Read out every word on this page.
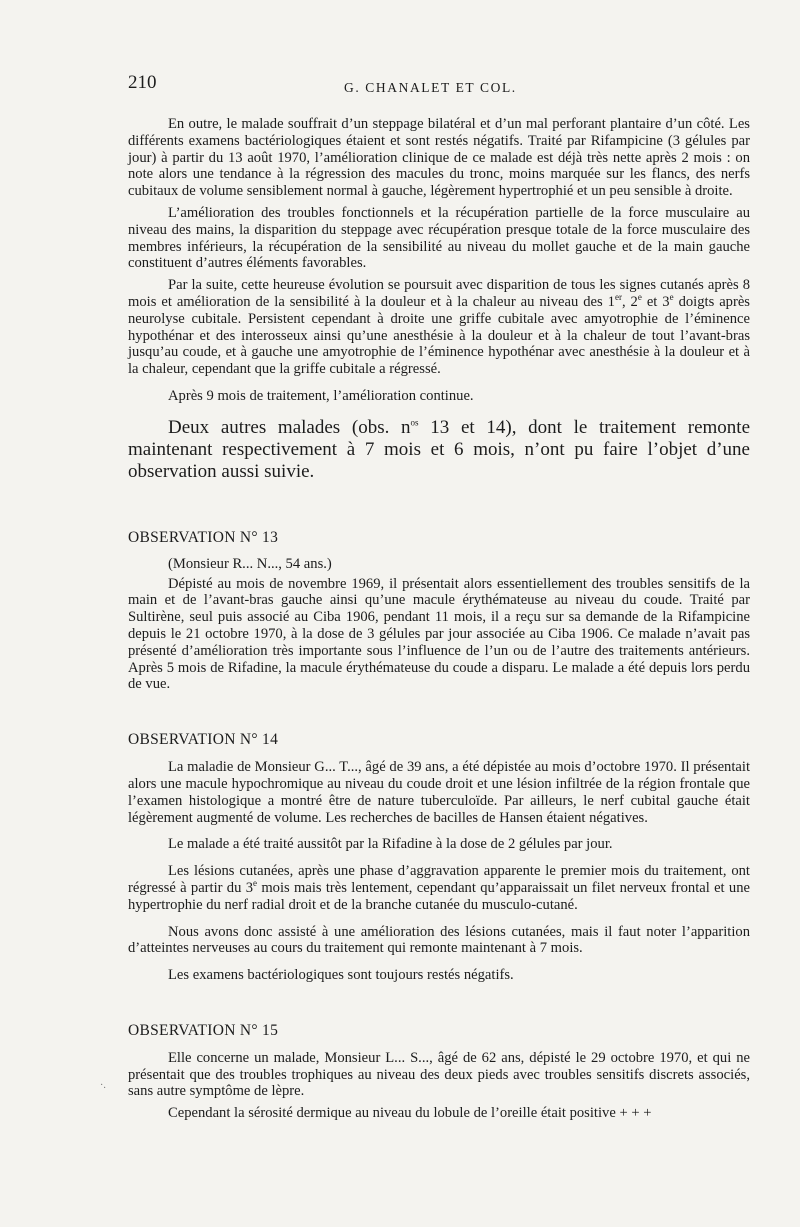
210	G. CHANALET ET COL.

En outre, le malade souffrait d’un steppage bilatéral et d’un mal perforant plantaire d’un côté. Les différents examens bactériologiques étaient et sont restés négatifs. Traité par Rifampicine (3 gélules par jour) à partir du 13 août 1970, l’amélioration clinique de ce malade est déjà très nette après 2 mois : on note alors une tendance à la régression des macules du tronc, moins marquée sur les flancs, des nerfs cubitaux de volume sensiblement normal à gauche, légèrement hypertrophié et un peu sensible à droite.

L’amélioration des troubles fonctionnels et la récupération partielle de la force musculaire au niveau des mains, la disparition du steppage avec récupération presque totale de la force musculaire des membres inférieurs, la récupération de la sensibilité au niveau du mollet gauche et de la main gauche constituent d’autres éléments favorables.

Par la suite, cette heureuse évolution se poursuit avec disparition de tous les signes cutanés après 8 mois et amélioration de la sensibilité à la douleur et à la chaleur au niveau des 1er, 2e et 3e doigts après neurolyse cubitale. Persistent cependant à droite une griffe cubitale avec amyotrophie de l’éminence hypothénar et des interosseux ainsi qu’une anesthésie à la douleur et à la chaleur de tout l’avant-bras jusqu’au coude, et à gauche une amyotrophie de l’éminence hypothénar avec anesthésie à la douleur et à la chaleur, cependant que la griffe cubitale a régressé.

Après 9 mois de traitement, l’amélioration continue.

Deux autres malades (obs. $n^{os}$ 13 et 14), dont le traitement remonte maintenant respectivement à 7 mois et 6 mois, n’ont pu faire l’objet d’une observation aussi suivie.

OBSERVATION N° 13

(Monsieur R... N..., 54 ans.)

Dépisté au mois de novembre 1969, il présentait alors essentiellement des troubles sensitifs de la main et de l’avant-bras gauche ainsi qu’une macule érythémateuse au niveau du coude. Traité par Sultirène, seul puis associé au Ciba 1906, pendant 11 mois, il a reçu sur sa demande de la Rifampicine depuis le 21 octobre 1970, à la dose de 3 gélules par jour associée au Ciba 1906. Ce malade n’avait pas présenté d’amélioration très importante sous l’influence de l’un ou de l’autre des traitements antérieurs. Après 5 mois de Rifadine, la macule érythémateuse du coude a disparu. Le malade a été depuis lors perdu de vue.

OBSERVATION N° 14

La maladie de Monsieur G... T..., âgé de 39 ans, a été dépistée au mois d’octobre 1970. Il présentait alors une macule hypochromique au niveau du coude droit et une lésion infiltrée de la région frontale que l’examen histologique a montré être de nature tuberculoïde. Par ailleurs, le nerf cubital gauche était légèrement augmenté de volume. Les recherches de bacilles de Hansen étaient négatives.

Le malade a été traité aussitôt par la Rifadine à la dose de 2 gélules par jour.

Les lésions cutanées, après une phase d’aggravation apparente le premier mois du traitement, ont régressé à partir du 3e mois mais très lentement, cependant qu’apparaissait un filet nerveux frontal et une hypertrophie du nerf radial droit et de la branche cutanée du musculo-cutané.

Nous avons donc assisté à une amélioration des lésions cutanées, mais il faut noter l’apparition d’atteintes nerveuses au cours du traitement qui remonte maintenant à 7 mois.

Les examens bactériologiques sont toujours restés négatifs.

OBSERVATION N° 15

Elle concerne un malade, Monsieur L... S..., âgé de 62 ans, dépisté le 29 octobre 1970, et qui ne présentait que des troubles trophiques au niveau des deux pieds avec troubles sensitifs discrets associés, sans autre symptôme de lèpre.

Cependant la sérosité dermique au niveau du lobule de l’oreille était positive + + +

·.
